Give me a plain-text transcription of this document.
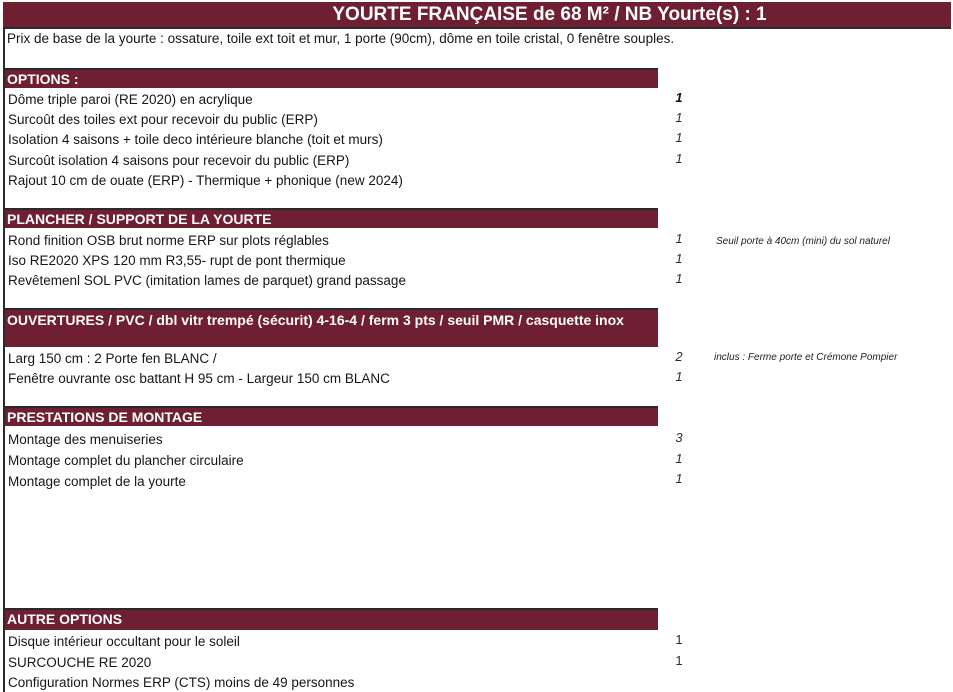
YOURTE FRANÇAISE de 68 M² / NB Yourte(s) : 1
Prix de base de la yourte : ossature, toile ext toit et mur, 1 porte (90cm), dôme en toile cristal, 0 fenêtre souples.
OPTIONS :
Dôme triple paroi (RE 2020) en acrylique	1
Surcoût des toiles ext pour recevoir du public (ERP)	1
Isolation 4 saisons + toile deco intérieure blanche (toit et murs)	1
Surcoût isolation 4 saisons pour recevoir du public (ERP)	1
Rajout 10 cm de ouate (ERP) - Thermique + phonique (new 2024)
PLANCHER / SUPPORT DE LA YOURTE
Rond finition OSB brut norme ERP sur plots réglables	1	Seuil porte à 40cm (mini) du sol naturel
Iso RE2020 XPS 120 mm R3,55- rupt de pont thermique	1
Revêtemenl SOL PVC (imitation lames de parquet) grand passage	1
OUVERTURES / PVC / dbl vitr trempé (sécurit) 4-16-4 / ferm 3 pts / seuil PMR / casquette inox
Larg 150 cm : 2 Porte fen BLANC /	2	inclus : Ferme porte et Crémone Pompier
Fenêtre ouvrante osc battant H 95 cm - Largeur 150 cm BLANC	1
PRESTATIONS DE MONTAGE
Montage des menuiseries	3
Montage complet du plancher circulaire	1
Montage complet de la yourte	1
AUTRE OPTIONS
Disque intérieur occultant pour le soleil	1
SURCOUCHE RE 2020	1
Configuration Normes ERP (CTS) moins de 49 personnes
